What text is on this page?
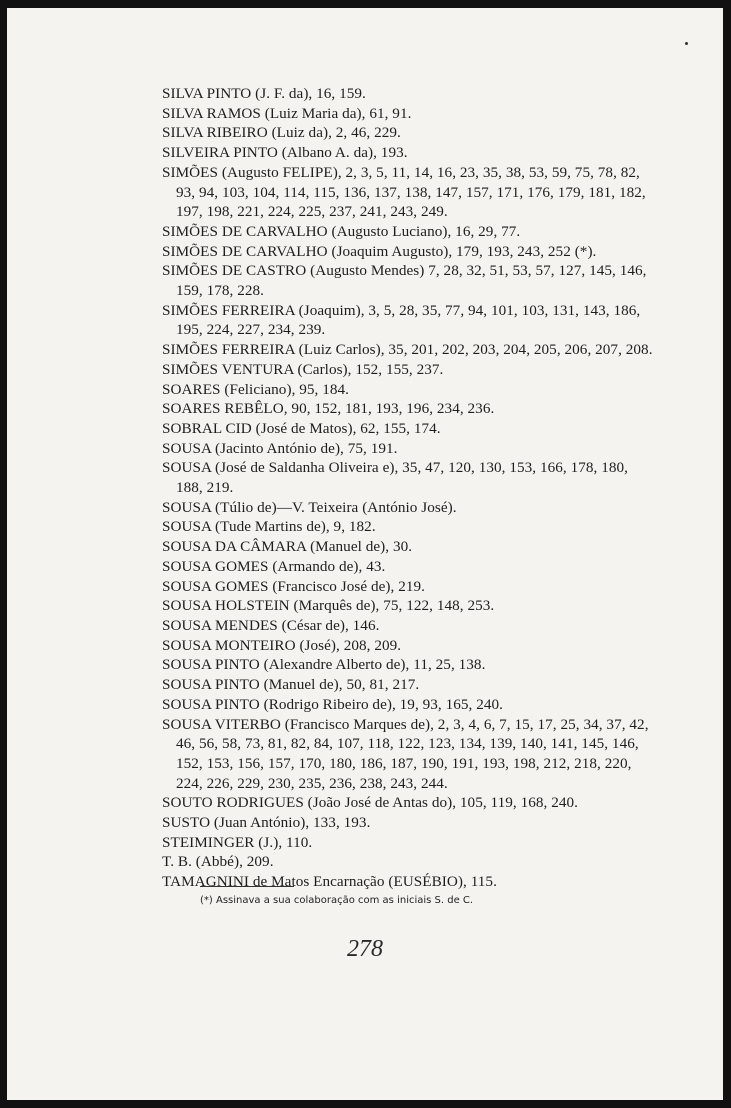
SILVA PINTO (J. F. da), 16, 159.

SILVA RAMOS (Luiz Maria da), 61, 91.

SILVA RIBEIRO (Luiz da), 2, 46, 229.

SILVEIRA PINTO (Albano A. da), 193.

SIMÕES (Augusto FELIPE), 2, 3, 5, 11, 14, 16, 23, 35, 38, 53, 59, 75, 78, 82, 93, 94, 103, 104, 114, 115, 136, 137, 138, 147, 157, 171, 176, 179, 181, 182, 197, 198, 221, 224, 225, 237, 241, 243, 249.

SIMÕES DE CARVALHO (Augusto Luciano), 16, 29, 77.

SIMÕES DE CARVALHO (Joaquim Augusto), 179, 193, 243, 252 (*).

SIMÕES DE CASTRO (Augusto Mendes) 7, 28, 32, 51, 53, 57, 127, 145, 146, 159, 178, 228.

SIMÕES FERREIRA (Joaquim), 3, 5, 28, 35, 77, 94, 101, 103, 131, 143, 186, 195, 224, 227, 234, 239.

SIMÕES FERREIRA (Luiz Carlos), 35, 201, 202, 203, 204, 205, 206, 207, 208.

SIMÕES VENTURA (Carlos), 152, 155, 237.

SOARES (Feliciano), 95, 184.

SOARES REBÊLO, 90, 152, 181, 193, 196, 234, 236.

SOBRAL CID (José de Matos), 62, 155, 174.

SOUSA (Jacinto António de), 75, 191.

SOUSA (José de Saldanha Oliveira e), 35, 47, 120, 130, 153, 166, 178, 180, 188, 219.

SOUSA (Túlio de)—V. Teixeira (António José).

SOUSA (Tude Martins de), 9, 182.

SOUSA DA CÂMARA (Manuel de), 30.

SOUSA GOMES (Armando de), 43.

SOUSA GOMES (Francisco José de), 219.

SOUSA HOLSTEIN (Marquês de), 75, 122, 148, 253.

SOUSA MENDES (César de), 146.

SOUSA MONTEIRO (José), 208, 209.

SOUSA PINTO (Alexandre Alberto de), 11, 25, 138.

SOUSA PINTO (Manuel de), 50, 81, 217.

SOUSA PINTO (Rodrigo Ribeiro de), 19, 93, 165, 240.

SOUSA VITERBO (Francisco Marques de), 2, 3, 4, 6, 7, 15, 17, 25, 34, 37, 42, 46, 56, 58, 73, 81, 82, 84, 107, 118, 122, 123, 134, 139, 140, 141, 145, 146, 152, 153, 156, 157, 170, 180, 186, 187, 190, 191, 193, 198, 212, 218, 220, 224, 226, 229, 230, 235, 236, 238, 243, 244.

SOUTO RODRIGUES (João José de Antas do), 105, 119, 168, 240.

SUSTO (Juan António), 133, 193.

STEIMINGER (J.), 110.

T. B. (Abbé), 209.

TAMAGNINI de Matos Encarnação (EUSÉBIO), 115.

(*) Assinava a sua colaboração com as iniciais S. de C.
278
